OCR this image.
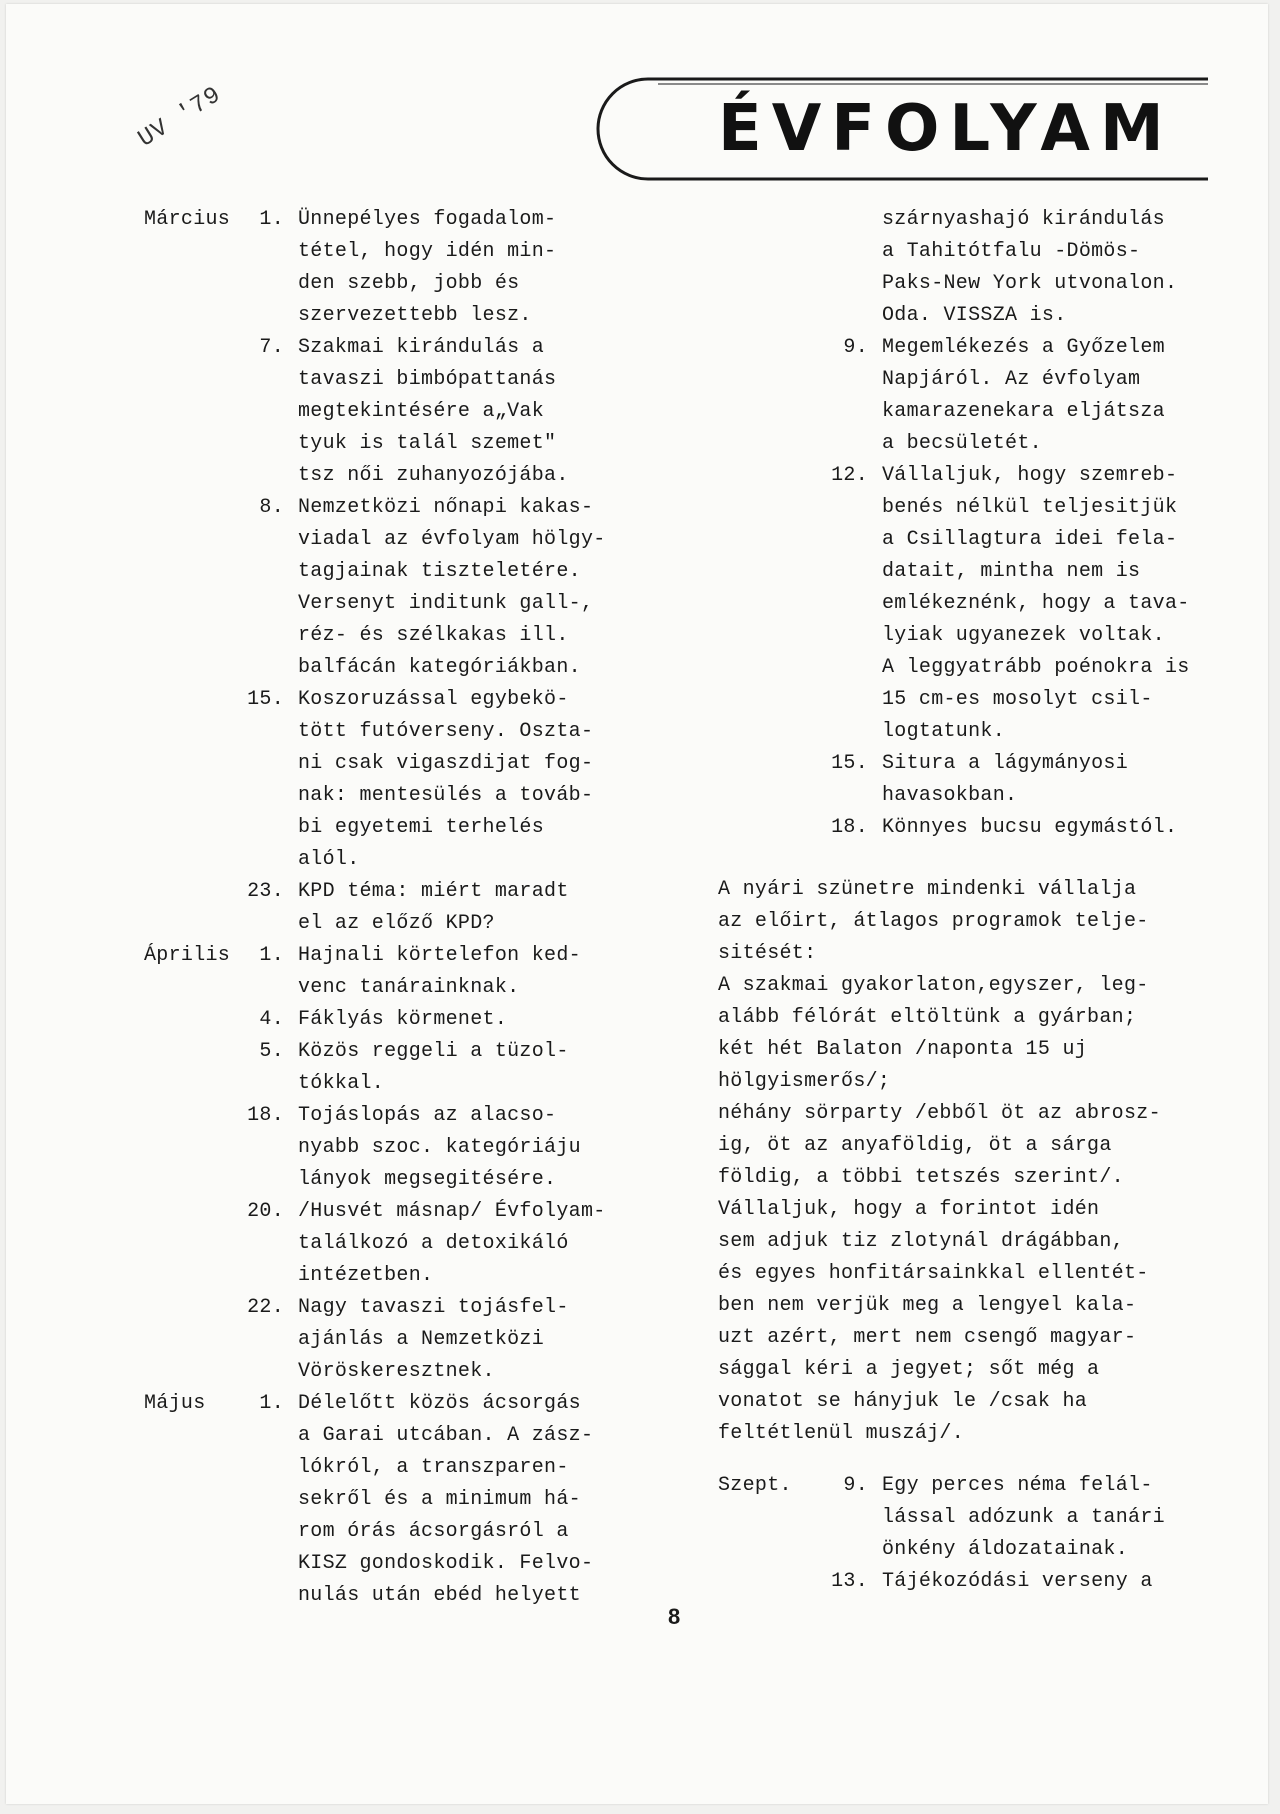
UV '79	ÉVFOLYAM
Március	1. Ünnepélyes fogadalom-
tétel, hogy idén min-
den szebb, jobb és
szervezettebb lesz.
7. Szakmai kirándulás a
tavaszi bimbópattanás
megtekintésére a„Vak
tyuk is talál szemet"
tsz női zuhanyozójába.
8. Nemzetközi nőnapi kakas-
viadal az évfolyam hölgy-
tagjainak tiszteletére.
Versenyt inditunk gall-,
réz- és szélkakas ill.
balfácán kategóriákban.
15. Koszoruzással egybekö-
tött futóverseny. Oszta-
ni csak vigaszdijat fog-
nak: mentesülés a továb-
bi egyetemi terhelés
alól.
23. KPD téma: miért maradt
el az előző KPD?
Április	1. Hajnali körtelefon ked-
venc tanárainknak.
4. Fáklyás körmenet.
5. Közös reggeli a tüzol-
tókkal.
18. Tojáslopás az alacso-
nyabb szoc. kategóriáju
lányok megsegitésére.
20. /Husvét másnap/ Évfolyam-
találkozó a detoxikáló
intézetben.
22. Nagy tavaszi tojásfel-
ajánlás a Nemzetközi
Vöröskeresztnek.
Május	1. Délelőtt közös ácsorgás
a Garai utcában. A zász-
lókról, a transzparen-
sekről és a minimum há-
rom órás ácsorgásról a
KISZ gondoskodik. Felvo-
nulás után ebéd helyett
szárnyashajó kirándulás
a Tahitótfalu -Dömös-
Paks-New York utvonalon.
Oda. VISSZA is.
9. Megemlékezés a Győzelem
Napjáról. Az évfolyam
kamarazenekara eljátsza
a becsületét.
12. Vállaljuk, hogy szemreb-
benés nélkül teljesitjük
a Csillagtura idei fela-
datait, mintha nem is
emlékeznénk, hogy a tava-
lyiak ugyanezek voltak.
A leggyatrább poénokra is
15 cm-es mosolyt csil-
logtatunk.
15. Situra a lágymányosi
havasokban.
18. Könnyes bucsu egymástól.
A nyári szünetre mindenki vállalja
az előirt, átlagos programok telje-
sitését:
A szakmai gyakorlaton,egyszer, leg-
alább félórát eltöltünk a gyárban;
két hét Balaton /naponta 15 uj
hölgyismerős/;
néhány sörparty /ebből öt az abrosz-
ig, öt az anyaföldig, öt a sárga
földig, a többi tetszés szerint/.
Vállaljuk, hogy a forintot idén
sem adjuk tiz zlotynál drágábban,
és egyes honfitársainkkal ellentét-
ben nem verjük meg a lengyel kala-
uzt azért, mert nem csengő magyar-
sággal kéri a jegyet; sőt még a
vonatot se hányjuk le /csak ha
feltétlenül muszáj/.
Szept.	9. Egy perces néma felál-
lással adózunk a tanári
önkény áldozatainak.
13. Tájékozódási verseny a
8
